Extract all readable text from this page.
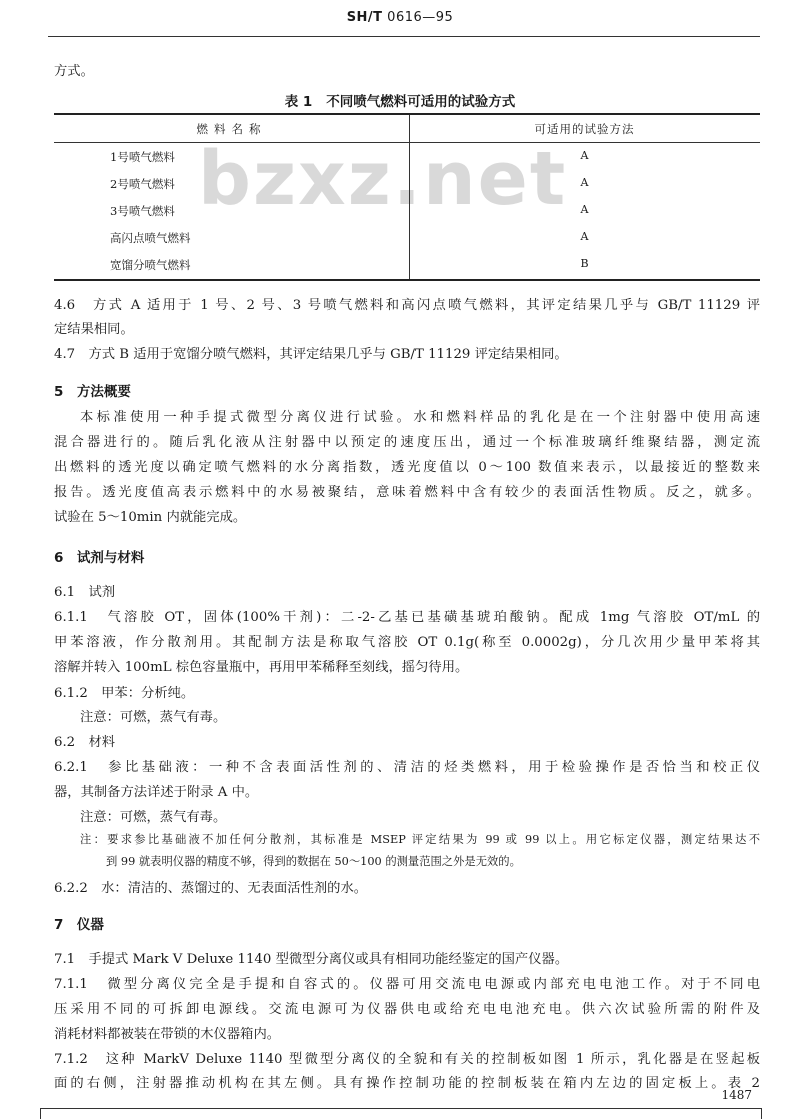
SH/T 0616—95
方式。
表 1 不同喷气燃料可适用的试验方式
bzxz.net
燃料名称	可适用的试验方法
1号喷气燃料	A
2号喷气燃料	A
3号喷气燃料	A
高闪点喷气燃料	A
宽馏分喷气燃料	B
4.6　方式 A 适用于 1 号、2 号、3 号喷气燃料和高闪点喷气燃料，其评定结果几乎与 GB/T 11129 评
定结果相同。
4.7　方式 B 适用于宽馏分喷气燃料，其评定结果几乎与 GB/T 11129 评定结果相同。
5　方法概要
本标准使用一种手提式微型分离仪进行试验。水和燃料样品的乳化是在一个注射器中使用高速
混合器进行的。随后乳化液从注射器中以预定的速度压出，通过一个标准玻璃纤维聚结器，测定流
出燃料的透光度以确定喷气燃料的水分离指数，透光度值以 0～100 数值来表示，以最接近的整数来
报告。透光度值高表示燃料中的水易被聚结，意味着燃料中含有较少的表面活性物质。反之，就多。
试验在 5～10min 内就能完成。
6　试剂与材料
6.1　试剂
6.1.1　气溶胶 OT，固体(100%干剂)：二-2-乙基已基磺基琥珀酸钠。配成 1mg 气溶胶 OT/mL 的
甲苯溶液，作分散剂用。其配制方法是称取气溶胶 OT 0.1g(称至 0.0002g)，分几次用少量甲苯将其
溶解并转入 100mL 棕色容量瓶中，再用甲苯稀释至刻线，摇匀待用。
6.1.2　甲苯：分析纯。
注意：可燃，蒸气有毒。
6.2　材料
6.2.1　参比基础液：一种不含表面活性剂的、清洁的烃类燃料，用于检验操作是否恰当和校正仪
器，其制备方法详述于附录 A 中。
注意：可燃，蒸气有毒。
注：要求参比基础液不加任何分散剂，其标准是 MSEP 评定结果为 99 或 99 以上。用它标定仪器，测定结果达不
到 99 就表明仪器的精度不够，得到的数据在 50～100 的测量范围之外是无效的。
6.2.2　水：清洁的、蒸馏过的、无表面活性剂的水。
7　仪器
7.1　手提式 Mark V Deluxe 1140 型微型分离仪或具有相同功能经鉴定的国产仪器。
7.1.1　微型分离仪完全是手提和自容式的。仪器可用交流电电源或内部充电电池工作。对于不同电
压采用不同的可拆卸电源线。交流电源可为仪器供电或给充电电池充电。供六次试验所需的附件及
消耗材料都被装在带锁的木仪器箱内。
7.1.2　这种 MarkV Deluxe 1140 型微型分离仪的全貌和有关的控制板如图 1 所示，乳化器是在竖起板
面的右侧，注射器推动机构在其左侧。具有操作控制功能的控制板装在箱内左边的固定板上。表 2
1487
